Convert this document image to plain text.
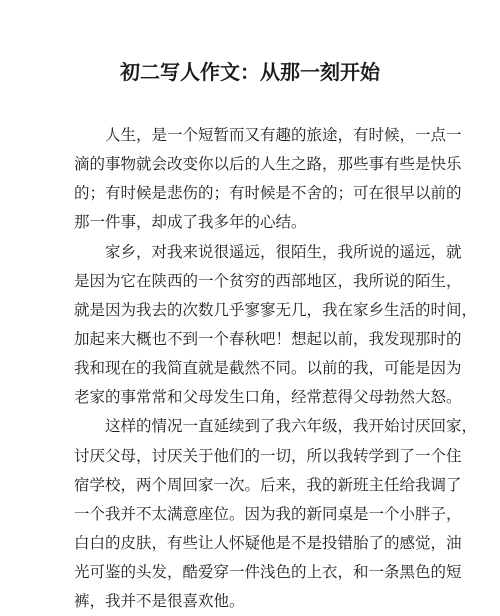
初二写人作文：从那一刻开始
人生，是一个短暂而又有趣的旅途，有时候，一点一
滴的事物就会改变你以后的人生之路，那些事有些是快乐
的；有时候是悲伤的；有时候是不舍的；可在很早以前的
那一件事，却成了我多年的心结。
家乡，对我来说很遥远，很陌生，我所说的遥远，就
是因为它在陕西的一个贫穷的西部地区，我所说的陌生，
就是因为我去的次数几乎寥寥无几，我在家乡生活的时间，
加起来大概也不到一个春秋吧！想起以前，我发现那时的
我和现在的我简直就是截然不同。以前的我，可能是因为
老家的事常常和父母发生口角，经常惹得父母勃然大怒。
这样的情况一直延续到了我六年级，我开始讨厌回家，
讨厌父母，讨厌关于他们的一切，所以我转学到了一个住
宿学校，两个周回家一次。后来，我的新班主任给我调了
一个我并不太满意座位。因为我的新同桌是一个小胖子，
白白的皮肤，有些让人怀疑他是不是投错胎了的感觉，油
光可鉴的头发，酷爱穿一件浅色的上衣，和一条黑色的短
裤，我并不是很喜欢他。
